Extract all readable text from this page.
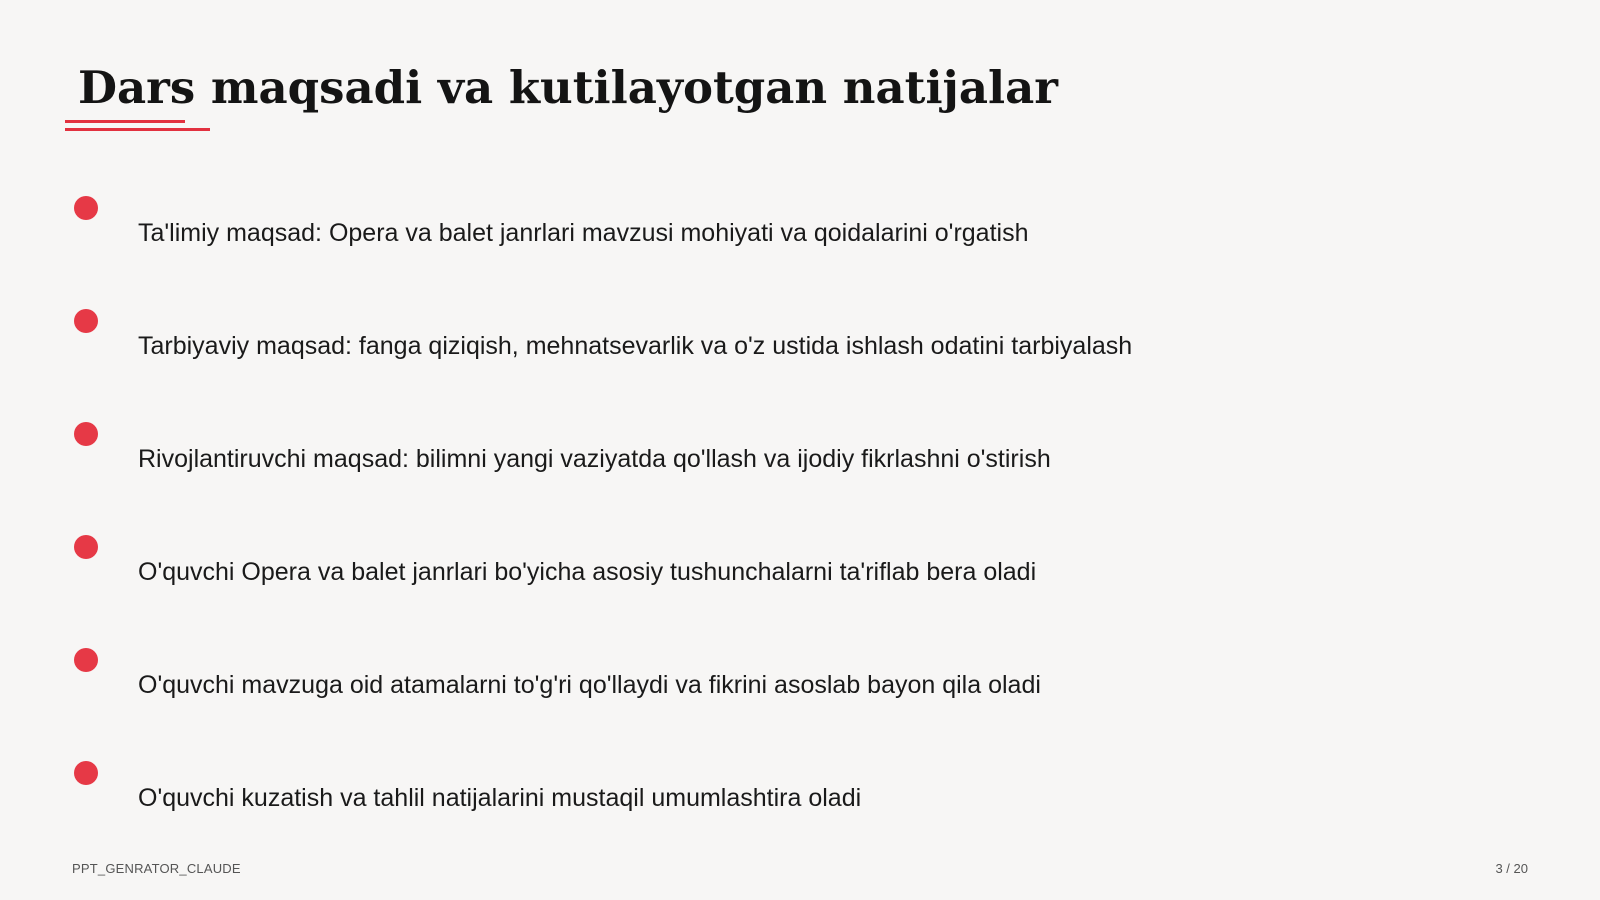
Dars maqsadi va kutilayotgan natijalar
Ta'limiy maqsad: Opera va balet janrlari mavzusi mohiyati va qoidalarini o'rgatish
Tarbiyaviy maqsad: fanga qiziqish, mehnatsevarlik va o'z ustida ishlash odatini tarbiyalash
Rivojlantiruvchi maqsad: bilimni yangi vaziyatda qo'llash va ijodiy fikrlashni o'stirish
O'quvchi Opera va balet janrlari bo'yicha asosiy tushunchalarni ta'riflab bera oladi
O'quvchi mavzuga oid atamalarni to'g'ri qo'llaydi va fikrini asoslab bayon qila oladi
O'quvchi kuzatish va tahlil natijalarini mustaqil umumlashtira oladi
PPT_GENRATOR_CLAUDE	3 / 20
